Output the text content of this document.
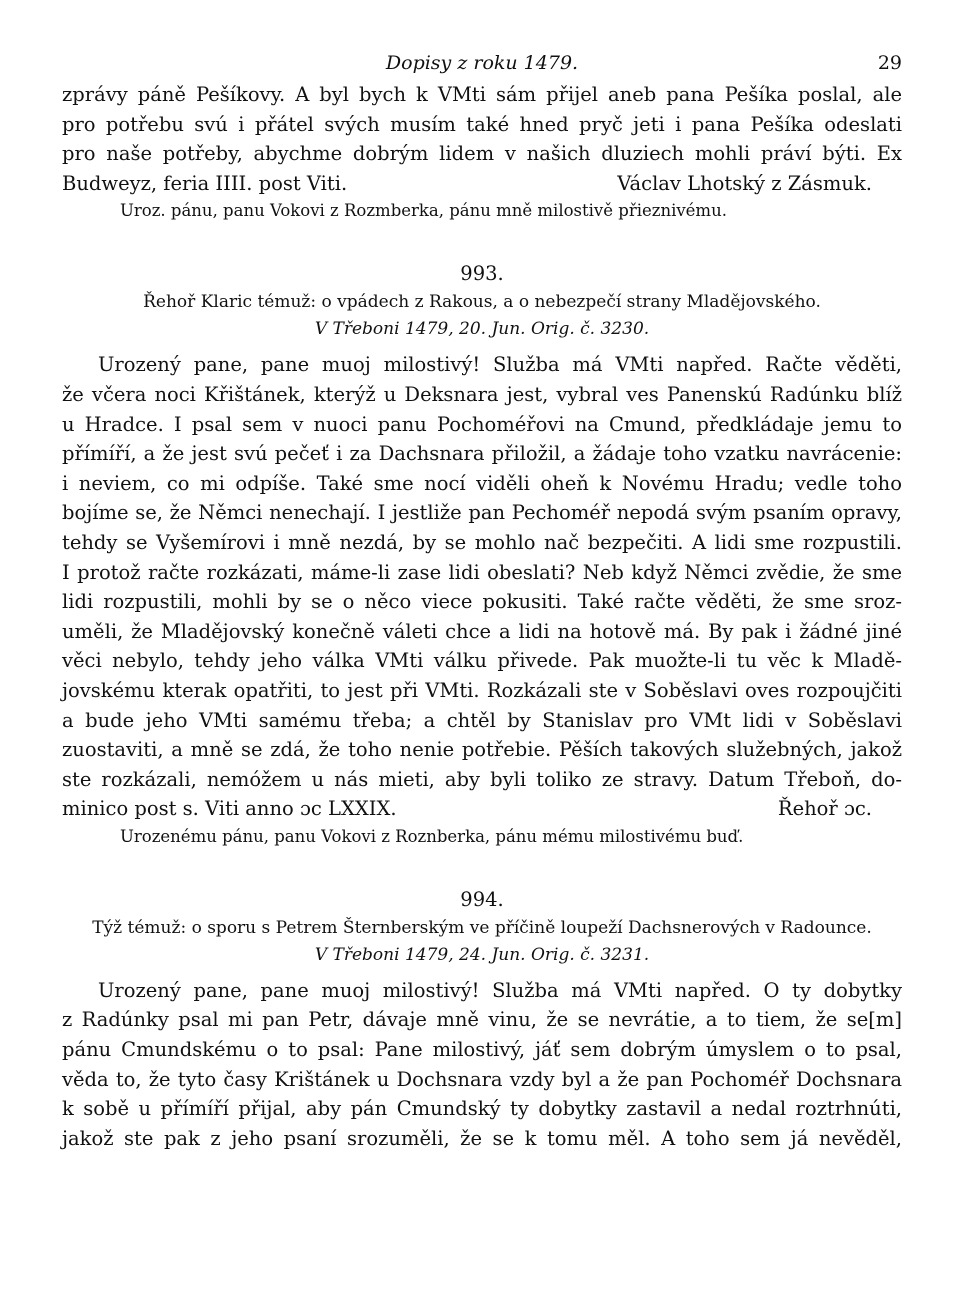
Dopisy z roku 1479.	29
zprávy páně Pešíkovy. A byl bych k VMti sám přijel aneb pana Pešíka poslal, ale
pro potřebu svú i přátel svých musím také hned pryč jeti i pana Pešíka odeslati
pro naše potřeby, abychme dobrým lidem v našich dluziech mohli práví býti. Ex
Budweyz, feria IIII. post Viti.	Václav Lhotský z Zásmuk.
Uroz. pánu, panu Vokovi z Rozmberka, pánu mně milostivě přieznivému.
993.
Řehoř Klaric témuž: o vpádech z Rakous, a o nebezpečí strany Mladějovského.
V Třeboni 1479, 20. Jun. Orig. č. 3230.
Urozený pane, pane muoj milostivý! Služba má VMti napřed. Račte věděti,
že včera noci Křištánek, kterýž u Deksnara jest, vybral ves Panenskú Radúnku blíž
u Hradce. I psal sem v nuoci panu Pochoméřovi na Cmund, předkládaje jemu to
přímíří, a že jest svú pečeť i za Dachsnara přiložil, a žádaje toho vzatku navrácenie:
i neviem, co mi odpíše. Také sme nocí viděli oheň k Novému Hradu; vedle toho
bojíme se, že Němci nenechají. I jestliže pan Pechoméř nepodá svým psaním opravy,
tehdy se Vyšemírovi i mně nezdá, by se mohlo nač bezpečiti. A lidi sme rozpustili.
I protož račte rozkázati, máme-li zase lidi obeslati? Neb když Němci zvědie, že sme
lidi rozpustili, mohli by se o něco viece pokusiti. Také račte věděti, že sme sroz-
uměli, že Mladějovský konečně váleti chce a lidi na hotově má. By pak i žádné jiné
věci nebylo, tehdy jeho válka VMti válku přivede. Pak muožte-li tu věc k Mladě-
jovskému kterak opatřiti, to jest při VMti. Rozkázali ste v Soběslavi oves rozpoujčiti
a bude jeho VMti samému třeba; a chtěl by Stanislav pro VMt lidi v Soběslavi
zuostaviti, a mně se zdá, že toho nenie potřebie. Pěších takových služebných, jakož
ste rozkázali, nemóžem u nás mieti, aby byli toliko ze stravy. Datum Třeboň, do-
minico post s. Viti anno ɔc LXXIX.	Řehoř ɔc.
Urozenému pánu, panu Vokovi z Roznberka, pánu mému milostivému buď.
994.
Týž témuž: o sporu s Petrem Šternberským ve příčině loupeží Dachsnerových v Radounce.
V Třeboni 1479, 24. Jun. Orig. č. 3231.
Urozený pane, pane muoj milostivý! Služba má VMti napřed. O ty dobytky
z Radúnky psal mi pan Petr, dávaje mně vinu, že se nevrátie, a to tiem, že se[m]
pánu Cmundskému o to psal: Pane milostivý, jáť sem dobrým úmyslem o to psal,
věda to, že tyto časy Krištánek u Dochsnara vzdy byl a že pan Pochoméř Dochsnara
k sobě u přímíří přijal, aby pán Cmundský ty dobytky zastavil a nedal roztrhnúti,
jakož ste pak z jeho psaní srozuměli, že se k tomu měl. A toho sem já nevěděl,
